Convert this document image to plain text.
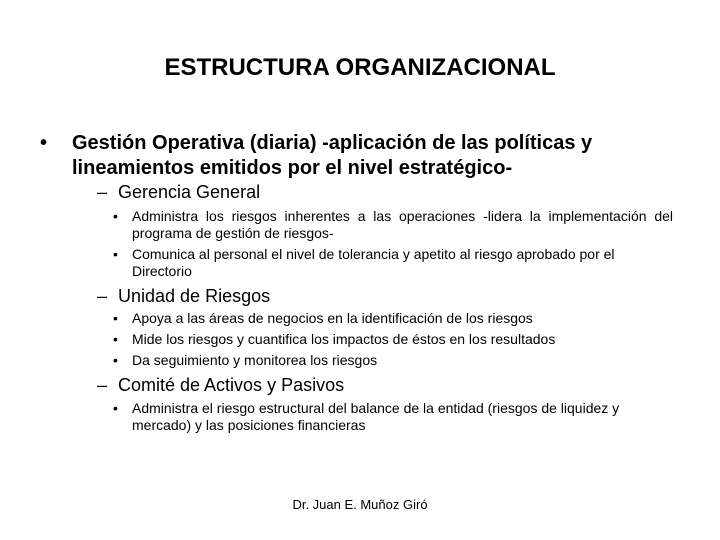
ESTRUCTURA ORGANIZACIONAL
• Gestión Operativa (diaria) -aplicación de las políticas y lineamientos emitidos por el nivel estratégico-
– Gerencia General
• Administra los riesgos inherentes a las operaciones -lidera la implementación del programa de gestión de riesgos-
• Comunica al personal el nivel de tolerancia y apetito al riesgo aprobado por el Directorio
– Unidad de Riesgos
• Apoya a las áreas de negocios en la identificación de los riesgos
• Mide los riesgos y cuantifica los impactos de éstos en los resultados
• Da seguimiento y monitorea los riesgos
– Comité de Activos y Pasivos
• Administra el riesgo estructural del balance de la entidad (riesgos de liquidez y mercado) y las posiciones financieras
Dr. Juan E. Muñoz Giró
